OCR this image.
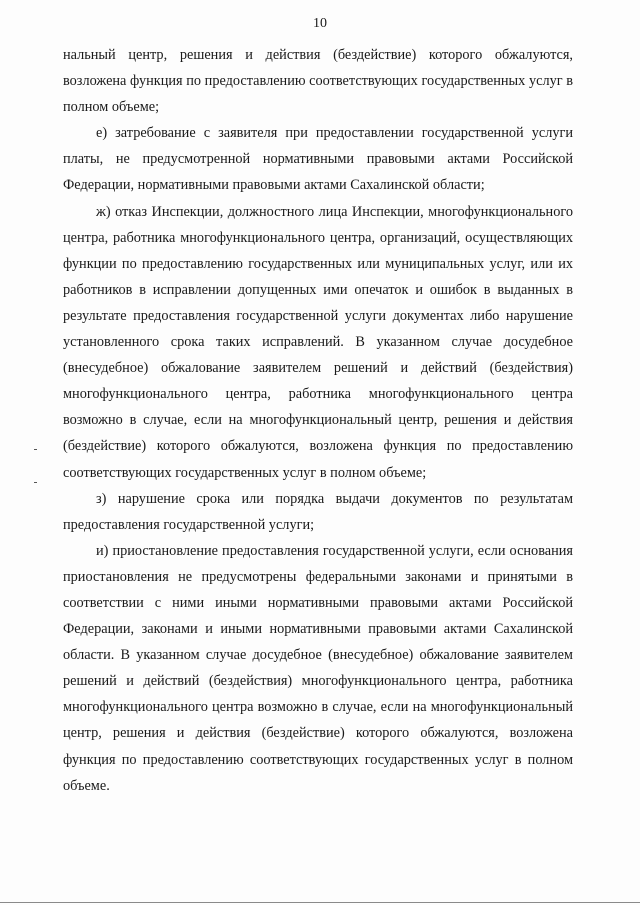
10

нальный центр, решения и действия (бездействие) которого обжалуются, возложена функция по предоставлению соответствующих государственных услуг в полном объеме;

е) затребование с заявителя при предоставлении государственной услуги платы, не предусмотренной нормативными правовыми актами Российской Федерации, нормативными правовыми актами Сахалинской области;

ж) отказ Инспекции, должностного лица Инспекции, многофункционального центра, работника многофункционального центра, организаций, осуществляющих функции по предоставлению государственных или муниципальных услуг, или их работников в исправлении допущенных ими опечаток и ошибок в выданных в результате предоставления государственной услуги документах либо нарушение установленного срока таких исправлений. В указанном случае досудебное (внесудебное) обжалование заявителем решений и действий (бездействия) многофункционального центра, работника многофункционального центра возможно в случае, если на многофункциональный центр, решения и действия (бездействие) которого обжалуются, возложена функция по предоставлению соответствующих государственных услуг в полном объеме;

з) нарушение срока или порядка выдачи документов по результатам предоставления государственной услуги;

и) приостановление предоставления государственной услуги, если основания приостановления не предусмотрены федеральными законами и принятыми в соответствии с ними иными нормативными правовыми актами Российской Федерации, законами и иными нормативными правовыми актами Сахалинской области. В указанном случае досудебное (внесудебное) обжалование заявителем решений и действий (бездействия) многофункционального центра, работника многофункционального центра возможно в случае, если на многофункциональный центр, решения и действия (бездействие) которого обжалуются, возложена функция по предоставлению соответствующих государственных услуг в полном объеме.
